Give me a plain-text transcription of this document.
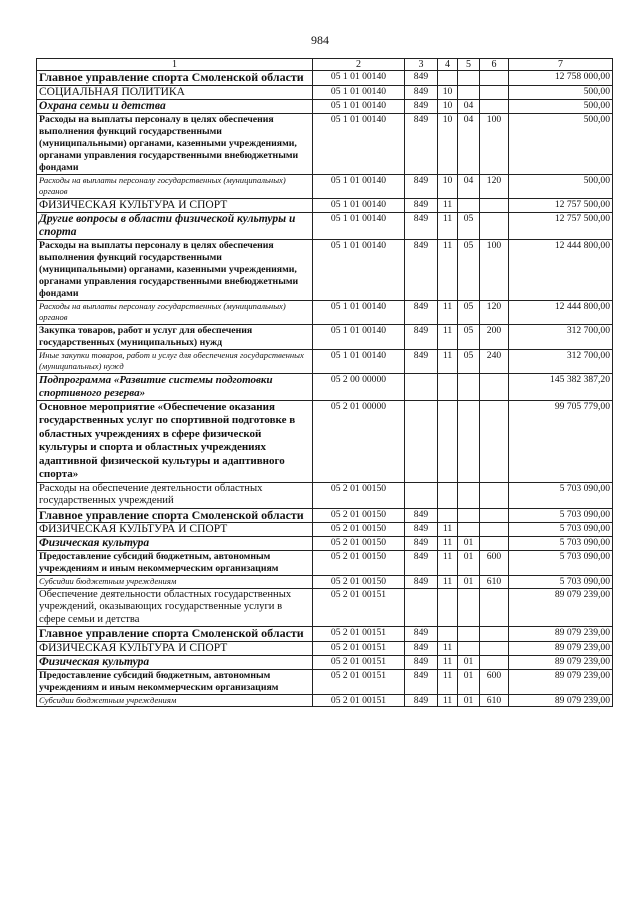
984
1	2	3	4	5	6	7
Главное управление спорта Смоленской области	05 1 01 00140	849				12 758 000,00
СОЦИАЛЬНАЯ ПОЛИТИКА	05 1 01 00140	849	10			500,00
Охрана семьи и детства	05 1 01 00140	849	10	04		500,00
Расходы на выплаты персоналу в целях обеспечения выполнения функций государственными (муниципальными) органами, казенными учреждениями, органами управления государственными внебюджетными фондами	05 1 01 00140	849	10	04	100	500,00
Расходы на выплаты персоналу государственных (муниципальных) органов	05 1 01 00140	849	10	04	120	500,00
ФИЗИЧЕСКАЯ КУЛЬТУРА И СПОРТ	05 1 01 00140	849	11			12 757 500,00
Другие вопросы в области физической культуры и спорта	05 1 01 00140	849	11	05		12 757 500,00
Расходы на выплаты персоналу в целях обеспечения выполнения функций государственными (муниципальными) органами, казенными учреждениями, органами управления государственными внебюджетными фондами	05 1 01 00140	849	11	05	100	12 444 800,00
Расходы на выплаты персоналу государственных (муниципальных) органов	05 1 01 00140	849	11	05	120	12 444 800,00
Закупка товаров, работ и услуг для обеспечения государственных (муниципальных) нужд	05 1 01 00140	849	11	05	200	312 700,00
Иные закупки товаров, работ и услуг для обеспечения государственных (муниципальных) нужд	05 1 01 00140	849	11	05	240	312 700,00
Подпрограмма «Развитие системы подготовки спортивного резерва»	05 2 00 00000					145 382 387,20
Основное мероприятие «Обеспечение оказания государственных услуг по спортивной подготовке в областных учреждениях в сфере физической культуры и спорта и областных учреждениях адаптивной физической культуры и адаптивного спорта»	05 2 01 00000					99 705 779,00
Расходы на обеспечение деятельности областных государственных учреждений	05 2 01 00150					5 703 090,00
Главное управление спорта Смоленской области	05 2 01 00150	849				5 703 090,00
ФИЗИЧЕСКАЯ КУЛЬТУРА И СПОРТ	05 2 01 00150	849	11			5 703 090,00
Физическая культура	05 2 01 00150	849	11	01		5 703 090,00
Предоставление субсидий бюджетным, автономным учреждениям и иным некоммерческим организациям	05 2 01 00150	849	11	01	600	5 703 090,00
Субсидии бюджетным учреждениям	05 2 01 00150	849	11	01	610	5 703 090,00
Обеспечение деятельности областных государственных учреждений, оказывающих государственные услуги в сфере семьи и детства	05 2 01 00151					89 079 239,00
Главное управление спорта Смоленской области	05 2 01 00151	849				89 079 239,00
ФИЗИЧЕСКАЯ КУЛЬТУРА И СПОРТ	05 2 01 00151	849	11			89 079 239,00
Физическая культура	05 2 01 00151	849	11	01		89 079 239,00
Предоставление субсидий бюджетным, автономным учреждениям и иным некоммерческим организациям	05 2 01 00151	849	11	01	600	89 079 239,00
Субсидии бюджетным учреждениям	05 2 01 00151	849	11	01	610	89 079 239,00
